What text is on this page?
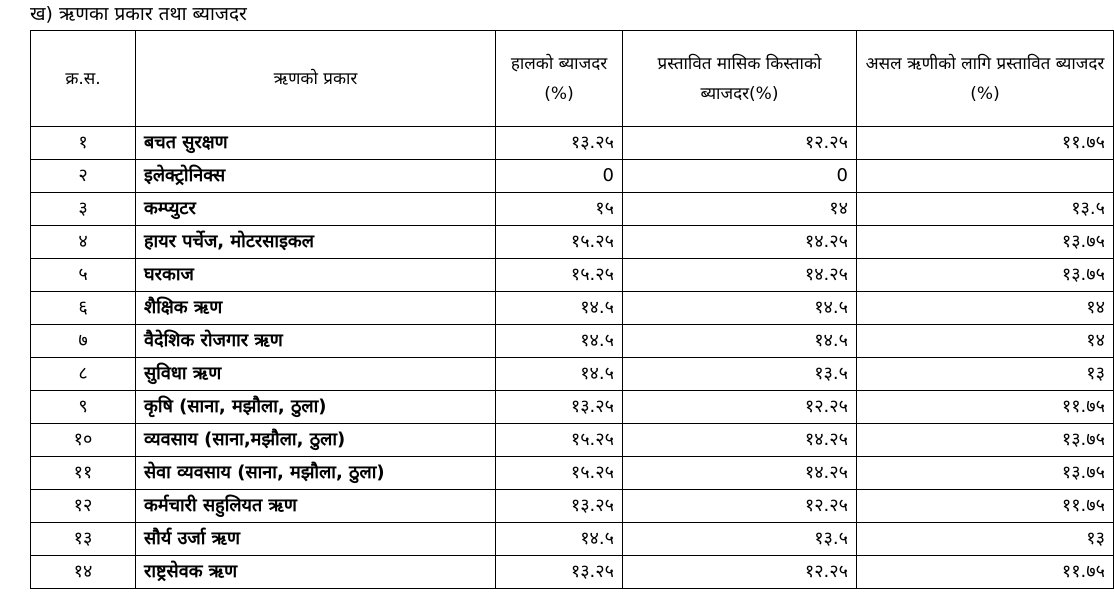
ख) ऋणका प्रकार तथा ब्याजदर
क्र.स.	ऋणको प्रकार	हालको ब्याजदर (%)	प्रस्तावित मासिक किस्ताको ब्याजदर(%)	असल ऋणीको लागि प्रस्तावित ब्याजदर (%)
१	बचत सुरक्षण	१३.२५	१२.२५	११.७५
२	इलेक्ट्रोनिक्स	0	0	
३	कम्प्युटर	१५	१४	१३.५
४	हायर पर्चेज, मोटरसाइकल	१५.२५	१४.२५	१३.७५
५	घरकाज	१५.२५	१४.२५	१३.७५
६	शैक्षिक ऋण	१४.५	१४.५	१४
७	वैदेशिक रोजगार ऋण	१४.५	१४.५	१४
८	सुविधा ऋण	१४.५	१३.५	१३
९	कृषि (साना, मझौला, ठुला)	१३.२५	१२.२५	११.७५
१०	व्यवसाय (साना,मझौला, ठुला)	१५.२५	१४.२५	१३.७५
११	सेवा व्यवसाय (साना, मझौला, ठुला)	१५.२५	१४.२५	१३.७५
१२	कर्मचारी सहुलियत ऋण	१३.२५	१२.२५	११.७५
१३	सौर्य उर्जा ऋण	१४.५	१३.५	१३
१४	राष्ट्रसेवक ऋण	१३.२५	१२.२५	११.७५
